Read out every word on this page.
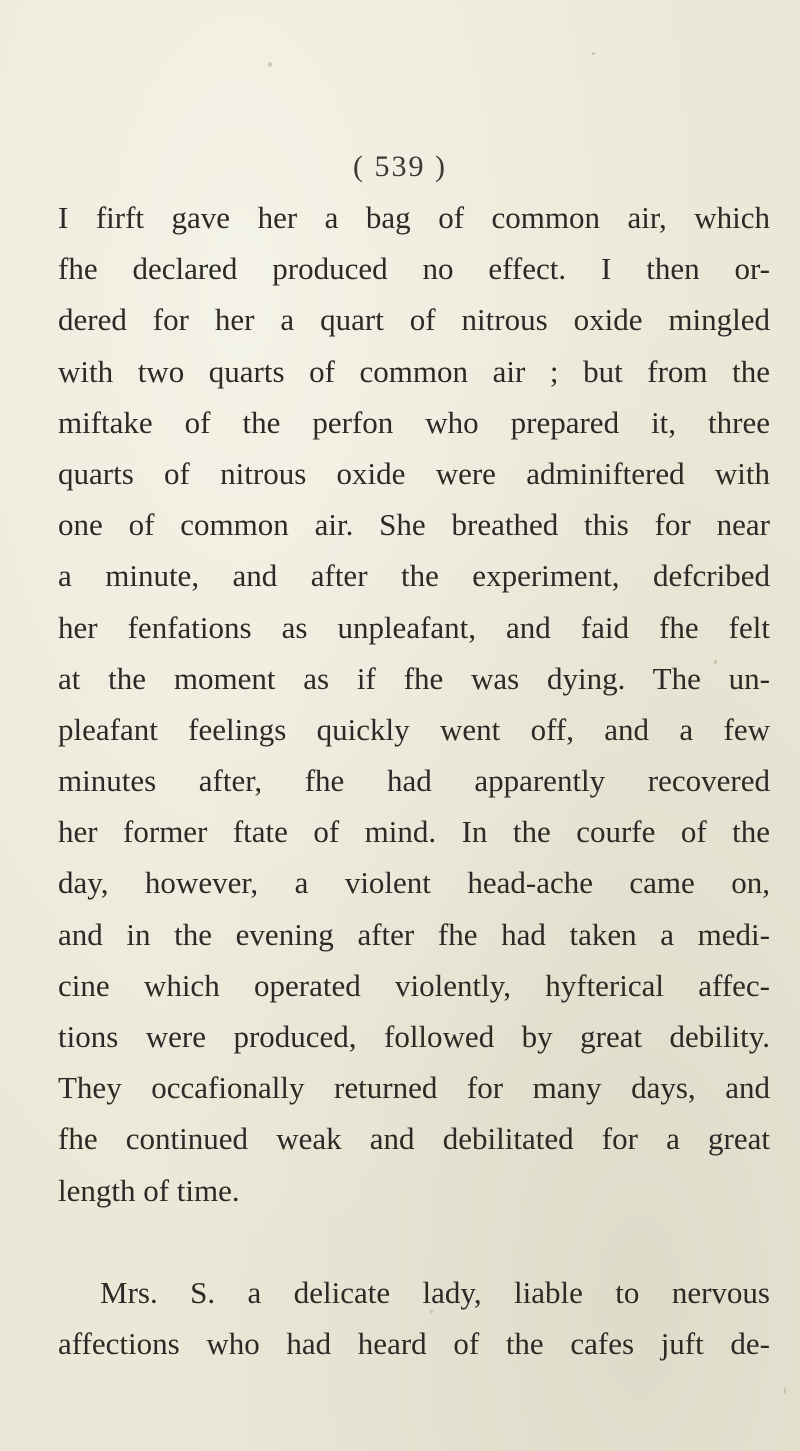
( 539 )
I firft gave her a bag of common air, which
fhe declared produced no effect. I then or-
dered for her a quart of nitrous oxide mingled
with two quarts of common air ; but from the
miftake of the perfon who prepared it, three
quarts of nitrous oxide were adminiftered with
one of common air. She breathed this for near
a minute, and after the experiment, defcribed
her fenfations as unpleafant, and faid fhe felt
at the moment as if fhe was dying. The un-
pleafant feelings quickly went off, and a few
minutes after, fhe had apparently recovered
her former ftate of mind. In the courfe of the
day, however, a violent head-ache came on,
and in the evening after fhe had taken a medi-
cine which operated violently, hyfterical affec-
tions were produced, followed by great debility.
They occafionally returned for many days, and
fhe continued weak and debilitated for a great
length of time.
Mrs. S. a delicate lady, liable to nervous
affections who had heard of the cafes juft de-
